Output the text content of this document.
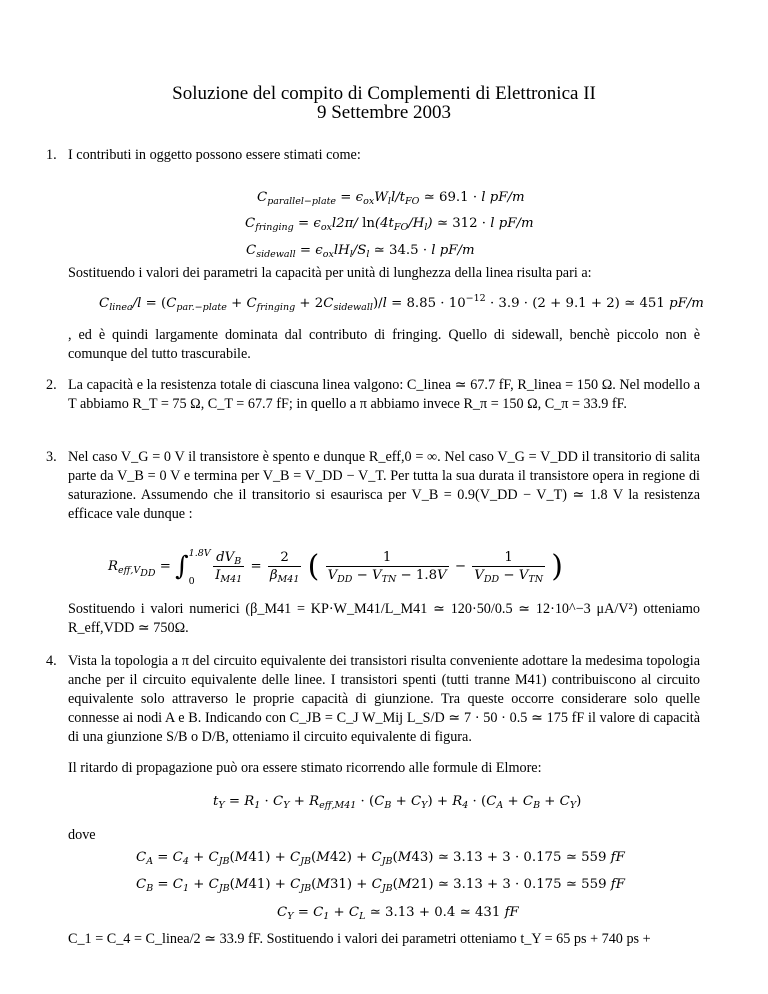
Soluzione del compito di Complementi di Elettronica II
9 Settembre 2003
1. I contributi in oggetto possono essere stimati come:
$C_{parallel-plate} = \epsilon_{ox}W_ll/t_{FO}$ ≃ 69.1 · l pF/m
$C_{fringing} = \epsilon_{ox}l2\pi/$ $\ln(4t_{FO}/H_l)$ ≃ 312 · l pF/m
$C_{sidewall} = \epsilon_{ox}lH_l/S_l$ ≃ 34.5 · l pF/m
Sostituendo i valori dei parametri la capacità per unità di lunghezza della linea risulta pari a:
$C_{linea}/l = (C_{par.-plate} + C_{fringing} + 2C_{sidewall})/l = 8.85 \cdot 10^{-12} \cdot 3.9 \cdot (2 + 9.1 + 2)$ ≃ 451 pF/m
, ed è quindi largamente dominata dal contributo di fringing. Quello di sidewall, benchè piccolo non è comunque del tutto trascurabile.
2. La capacità e la resistenza totale di ciascuna linea valgono: C_linea ≃ 67.7 fF, R_linea = 150 Ω. Nel modello a T abbiamo R_T = 75 Ω, C_T = 67.7 fF; in quello a π abbiamo invece R_π = 150 Ω, C_π = 33.9 fF.
3. Nel caso V_G = 0 V il transistore è spento e dunque R_eff,0 = ∞. Nel caso V_G = V_DD il transitorio di salita parte da V_B = 0 V e termina per V_B = V_DD − V_T. Per tutta la sua durata il transistore opera in regione di saturazione. Assumendo che il transitorio si esaurisca per V_B = 0.9(V_DD − V_T) ≃ 1.8 V la resistenza efficace vale dunque :
$R_{eff,V_{DD}} = \int^{1.8V}_0 \frac{dV_B}{I_{M41}} = \frac{2}{\beta_{M41}}$ ( $\frac{1}{V_{DD} - V_{TN} - 1.8V} - \frac{1}{V_{DD} - V_{TN}}$ )
Sostituendo i valori numerici (β_M41 = KP·W_M41/L_M41 ≃ 120·50/0.5 ≃ 12·10^−3 μA/V²) otteniamo R_eff,VDD ≃ 750Ω.
4. Vista la topologia a π del circuito equivalente dei transistori risulta conveniente adottare la medesima topologia anche per il circuito equivalente delle linee. I transistori spenti (tutti tranne M41) contribuiscono al circuito equivalente solo attraverso le proprie capacità di giunzione. Tra queste occorre considerare solo quelle connesse ai nodi A e B. Indicando con C_JB = C_J W_Mij L_S/D ≃ 7 · 50 · 0.5 ≃ 175 fF il valore di capacità di una giunzione S/B o D/B, otteniamo il circuito equivalente di figura.
Il ritardo di propagazione può ora essere stimato ricorrendo alle formule di Elmore:
$t_Y = R_1 \cdot C_Y + R_{eff,M41} \cdot (C_B + C_Y) + R_4 \cdot (C_A + C_B + C_Y)$
dove
$C_A = C_4 + C_{JB}(M41) + C_{JB}(M42) + C_{JB}(M43)$ ≃ 3.13 + 3 · 0.175 ≃ 559 fF
$C_B = C_1 + C_{JB}(M41) + C_{JB}(M31) + C_{JB}(M21)$ ≃ 3.13 + 3 · 0.175 ≃ 559 fF
$C_Y = C_1 + C_L$ ≃ 3.13 + 0.4 ≃ 431 fF
C_1 = C_4 = C_linea/2 ≃ 33.9 fF. Sostituendo i valori dei parametri otteniamo t_Y = 65 ps + 740 ps +
